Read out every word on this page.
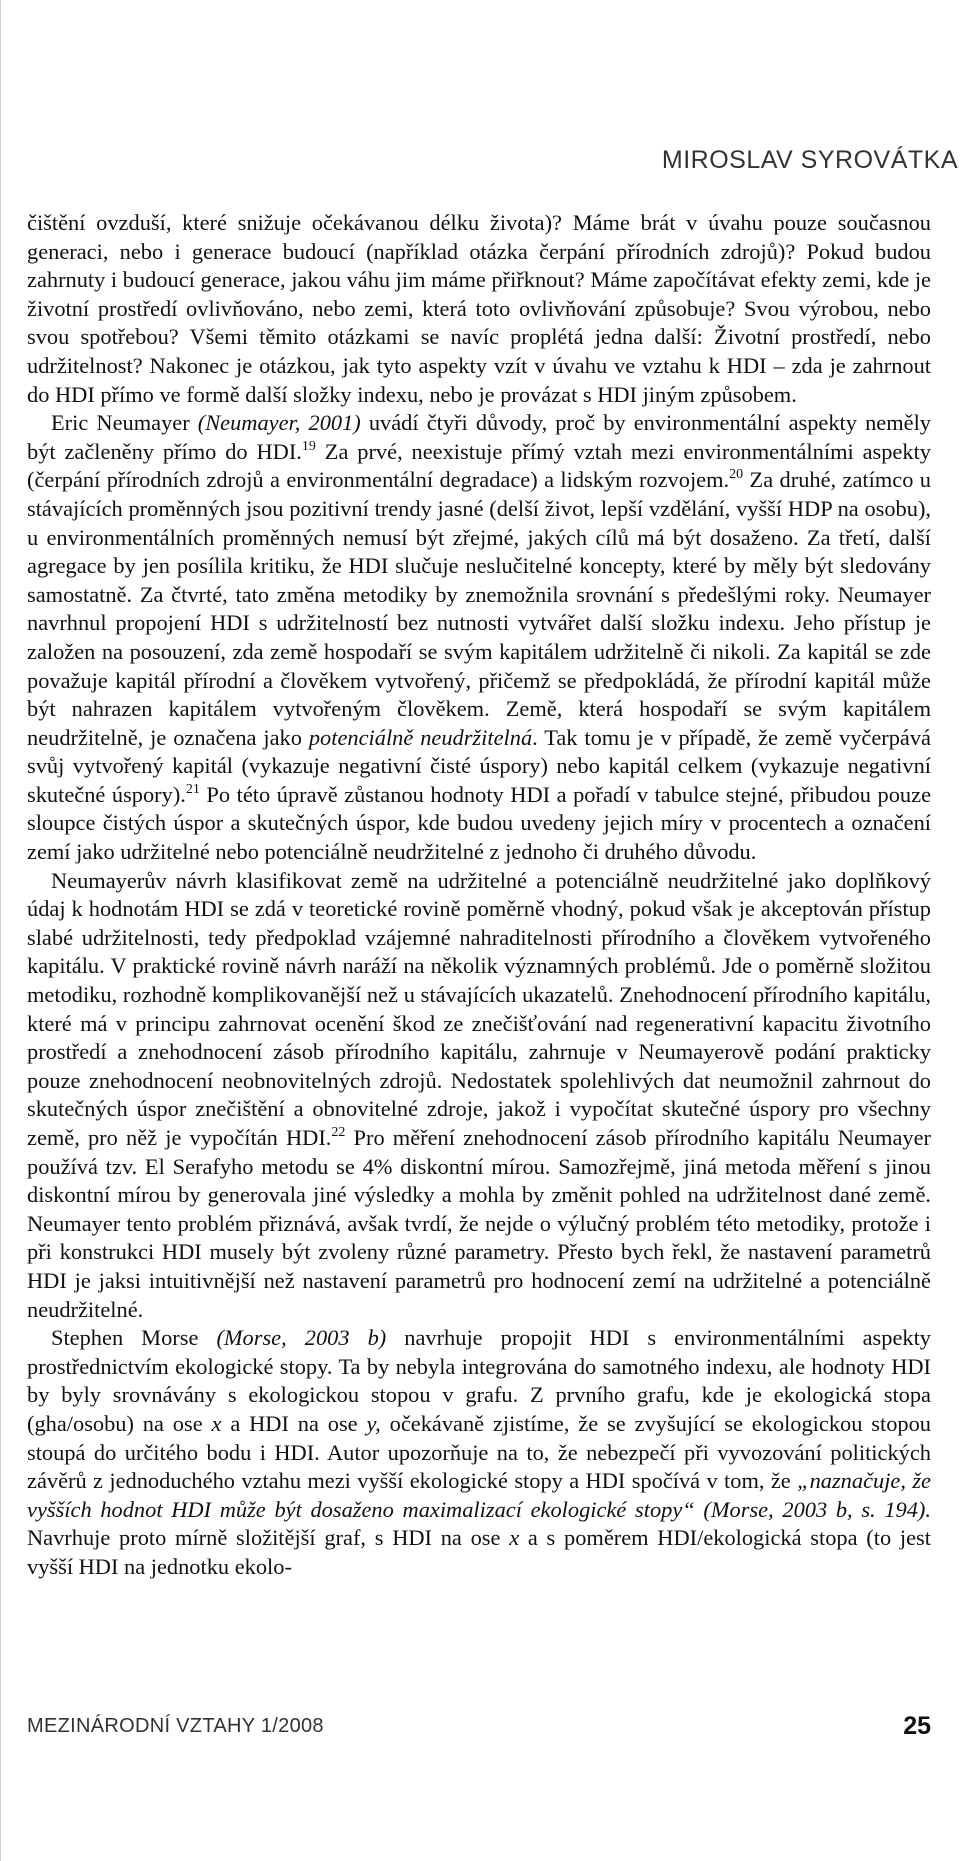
MIROSLAV SYROVÁTKA

čištění ovzduší, které snižuje očekávanou délku života)? Máme brát v úvahu pouze současnou generaci, nebo i generace budoucí (například otázka čerpání přírodních zdrojů)? Pokud budou zahrnuty i budoucí generace, jakou váhu jim máme přiřknout? Máme započítávat efekty zemi, kde je životní prostředí ovlivňováno, nebo zemi, která toto ovlivňování způsobuje? Svou výrobou, nebo svou spotřebou? Všemi těmito otázkami se navíc proplétá jedna další: Životní prostředí, nebo udržitelnost? Nakonec je otázkou, jak tyto aspekty vzít v úvahu ve vztahu k HDI – zda je zahrnout do HDI přímo ve formě další složky indexu, nebo je provázat s HDI jiným způsobem.

Eric Neumayer (Neumayer, 2001) uvádí čtyři důvody, proč by environmentální aspekty neměly být začleněny přímo do HDI.$^{19}$ Za prvé, neexistuje přímý vztah mezi environmentálními aspekty (čerpání přírodních zdrojů a environmentální degradace) a lidským rozvojem.$^{20}$ Za druhé, zatímco u stávajících proměnných jsou pozitivní trendy jasné (delší život, lepší vzdělání, vyšší HDP na osobu), u environmentálních proměnných nemusí být zřejmé, jakých cílů má být dosaženo. Za třetí, další agregace by jen posílila kritiku, že HDI slučuje neslučitelné koncepty, které by měly být sledovány samostatně. Za čtvrté, tato změna metodiky by znemožnila srovnání s předešlými roky. Neumayer navrhnul propojení HDI s udržitelností bez nutnosti vytvářet další složku indexu. Jeho přístup je založen na posouzení, zda země hospodaří se svým kapitálem udržitelně či nikoli. Za kapitál se zde považuje kapitál přírodní a člověkem vytvořený, přičemž se předpokládá, že přírodní kapitál může být nahrazen kapitálem vytvořeným člověkem. Země, která hospodaří se svým kapitálem neudržitelně, je označena jako potenciálně neudržitelná. Tak tomu je v případě, že země vyčerpává svůj vytvořený kapitál (vykazuje negativní čisté úspory) nebo kapitál celkem (vykazuje negativní skutečné úspory).$^{21}$ Po této úpravě zůstanou hodnoty HDI a pořadí v tabulce stejné, přibudou pouze sloupce čistých úspor a skutečných úspor, kde budou uvedeny jejich míry v procentech a označení zemí jako udržitelné nebo potenciálně neudržitelné z jednoho či druhého důvodu.

Neumayerův návrh klasifikovat země na udržitelné a potenciálně neudržitelné jako doplňkový údaj k hodnotám HDI se zdá v teoretické rovině poměrně vhodný, pokud však je akceptován přístup slabé udržitelnosti, tedy předpoklad vzájemné nahraditelnosti přírodního a člověkem vytvořeného kapitálu. V praktické rovině návrh naráží na několik významných problémů. Jde o poměrně složitou metodiku, rozhodně komplikovanější než u stávajících ukazatelů. Znehodnocení přírodního kapitálu, které má v principu zahrnovat ocenění škod ze znečišťování nad regenerativní kapacitu životního prostředí a znehodnocení zásob přírodního kapitálu, zahrnuje v Neumayerově podání prakticky pouze znehodnocení neobnovitelných zdrojů. Nedostatek spolehlivých dat neumožnil zahrnout do skutečných úspor znečištění a obnovitelné zdroje, jakož i vypočítat skutečné úspory pro všechny země, pro něž je vypočítán HDI.$^{22}$ Pro měření znehodnocení zásob přírodního kapitálu Neumayer používá tzv. El Serafyho metodu se 4% diskontní mírou. Samozřejmě, jiná metoda měření s jinou diskontní mírou by generovala jiné výsledky a mohla by změnit pohled na udržitelnost dané země. Neumayer tento problém přiznává, avšak tvrdí, že nejde o výlučný problém této metodiky, protože i při konstrukci HDI musely být zvoleny různé parametry. Přesto bych řekl, že nastavení parametrů HDI je jaksi intuitivnější než nastavení parametrů pro hodnocení zemí na udržitelné a potenciálně neudržitelné.

Stephen Morse (Morse, 2003 b) navrhuje propojit HDI s environmentálními aspekty prostřednictvím ekologické stopy. Ta by nebyla integrována do samotného indexu, ale hodnoty HDI by byly srovnávány s ekologickou stopou v grafu. Z prvního grafu, kde je ekologická stopa (gha/osobu) na ose x a HDI na ose y, očekávaně zjistíme, že se zvyšující se ekologickou stopou stoupá do určitého bodu i HDI. Autor upozorňuje na to, že nebezpečí při vyvozování politických závěrů z jednoduchého vztahu mezi vyšší ekologické stopy a HDI spočívá v tom, že „naznačuje, že vyšších hodnot HDI může být dosaženo maximalizací ekologické stopy“ (Morse, 2003 b, s. 194). Navrhuje proto mírně složitější graf, s HDI na ose x a s poměrem HDI/ekologická stopa (to jest vyšší HDI na jednotku ekolo-

MEZINÁRODNÍ VZTAHY 1/2008	25
